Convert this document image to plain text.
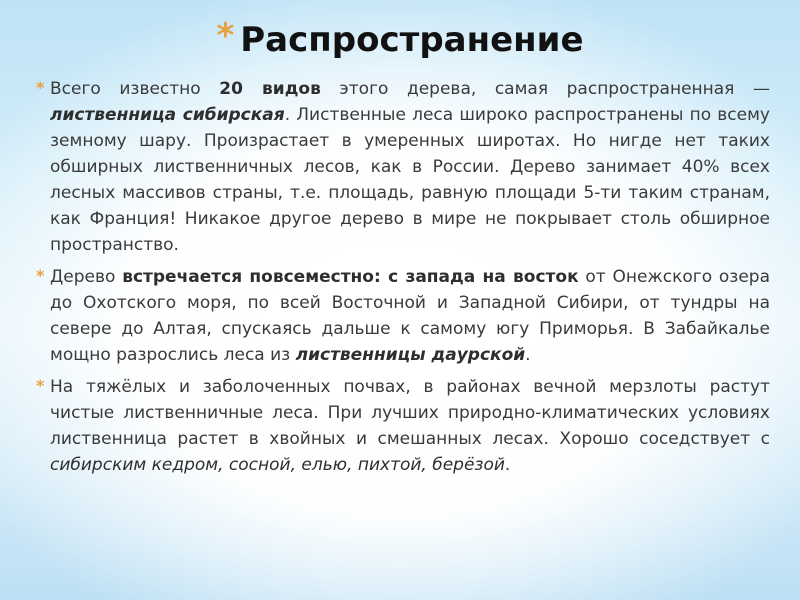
* Распространение

* Всего известно 20 видов этого дерева, самая распространенная — лиственница сибирская. Лиственные леса широко распространены по всему земному шару. Произрастает в умеренных широтах. Но нигде нет таких обширных лиственничных лесов, как в России. Дерево занимает 40% всех лесных массивов страны, т.е. площадь, равную площади 5-ти таким странам, как Франция! Никакое другое дерево в мире не покрывает столь обширное пространство.

* Дерево встречается повсеместно: с запада на восток от Онежского озера до Охотского моря, по всей Восточной и Западной Сибири, от тундры на севере до Алтая, спускаясь дальше к самому югу Приморья. В Забайкалье мощно разрослись леса из лиственницы даурской.

* На тяжёлых и заболоченных почвах, в районах вечной мерзлоты растут чистые лиственничные леса. При лучших природно-климатических условиях лиственница растет в хвойных и смешанных лесах. Хорошо соседствует с сибирским кедром, сосной, елью, пихтой, берёзой.
